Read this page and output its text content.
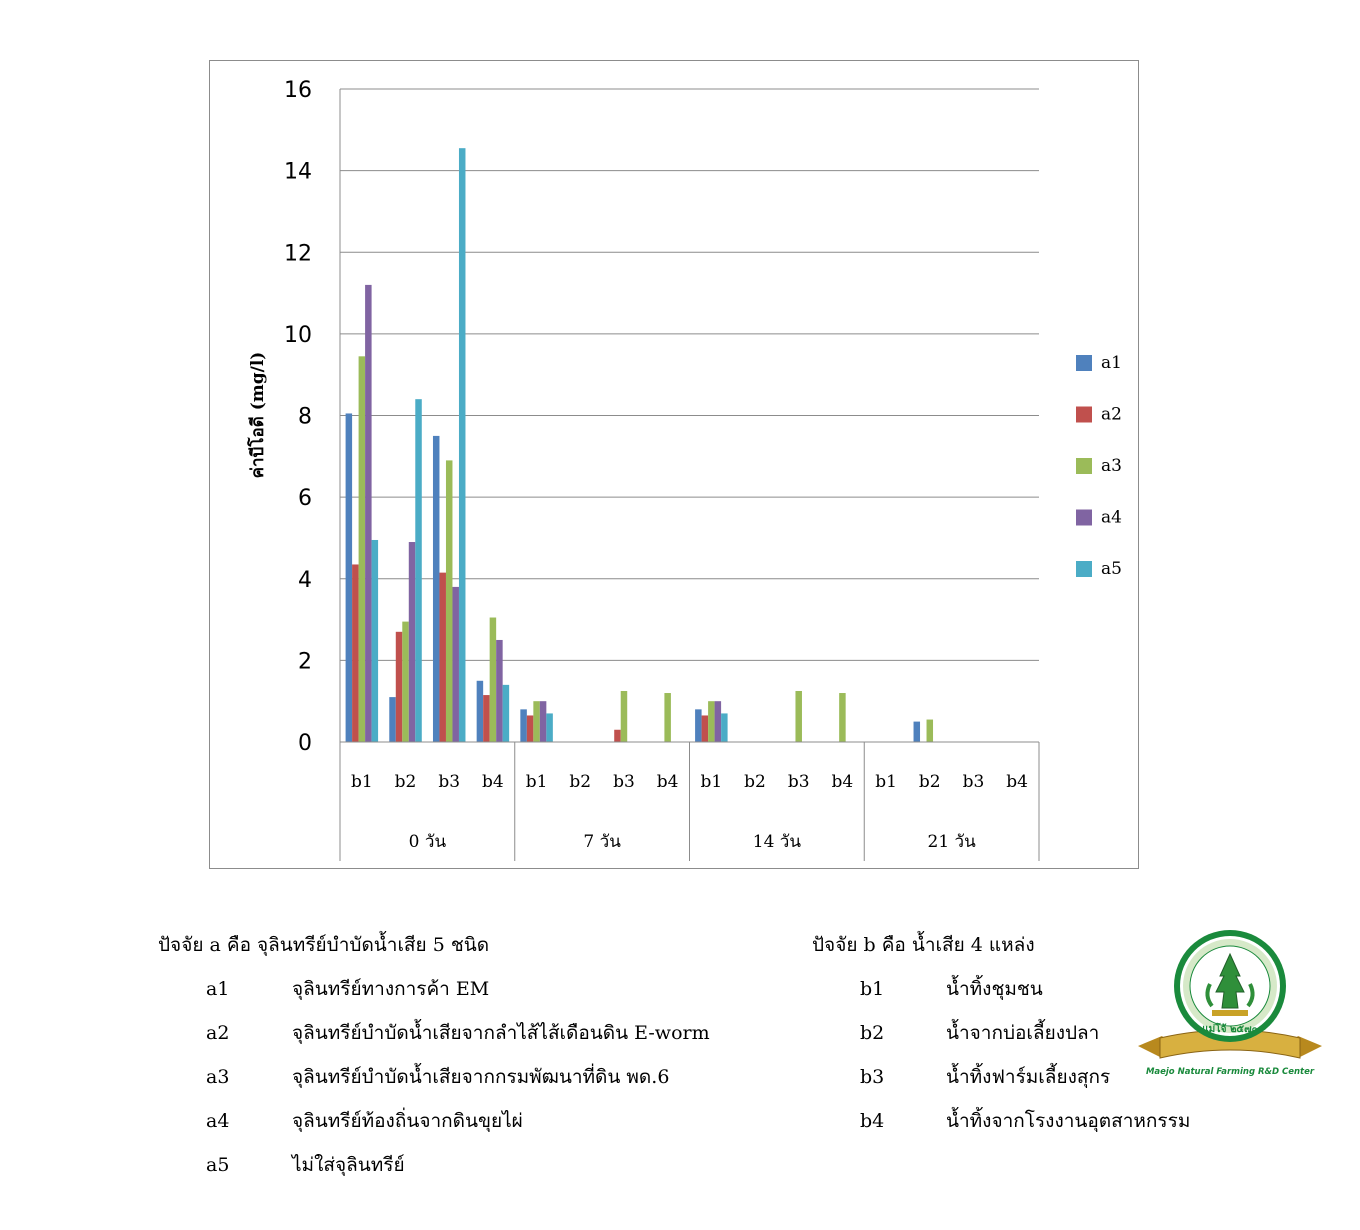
0
2
4
6
8
10
12
14
16
b1 b2 b3 b4
0 วัน
b1 b2 b3 b4
7 วัน
b1 b2 b3 b4
14 วัน
b1 b2 b3 b4
21 วัน
a1
a2
a3
a4
a5
ค่าบีโอดี (mg/l)
ปัจจัย a คือ จุลินทรีย์บำบัดน้ำเสีย 5 ชนิด
a1	จุลินทรีย์ทางการค้า EM
a2	จุลินทรีย์บำบัดน้ำเสียจากลำไส้ไส้เดือนดิน E-worm
a3	จุลินทรีย์บำบัดน้ำเสียจากกรมพัฒนาที่ดิน พด.6
a4	จุลินทรีย์ท้องถิ่นจากดินขุยไผ่
a5	ไม่ใส่จุลินทรีย์
ปัจจัย b คือ น้ำเสีย 4 แหล่ง
b1	น้ำทิ้งชุมชน
b2	น้ำจากบ่อเลี้ยงปลา
b3	น้ำทิ้งฟาร์มเลี้ยงสุกร
b4	น้ำทิ้งจากโรงงานอุตสาหกรรม
แม่โจ้ ๒๕๗๐
Maejo Natural Farming R&D Center
